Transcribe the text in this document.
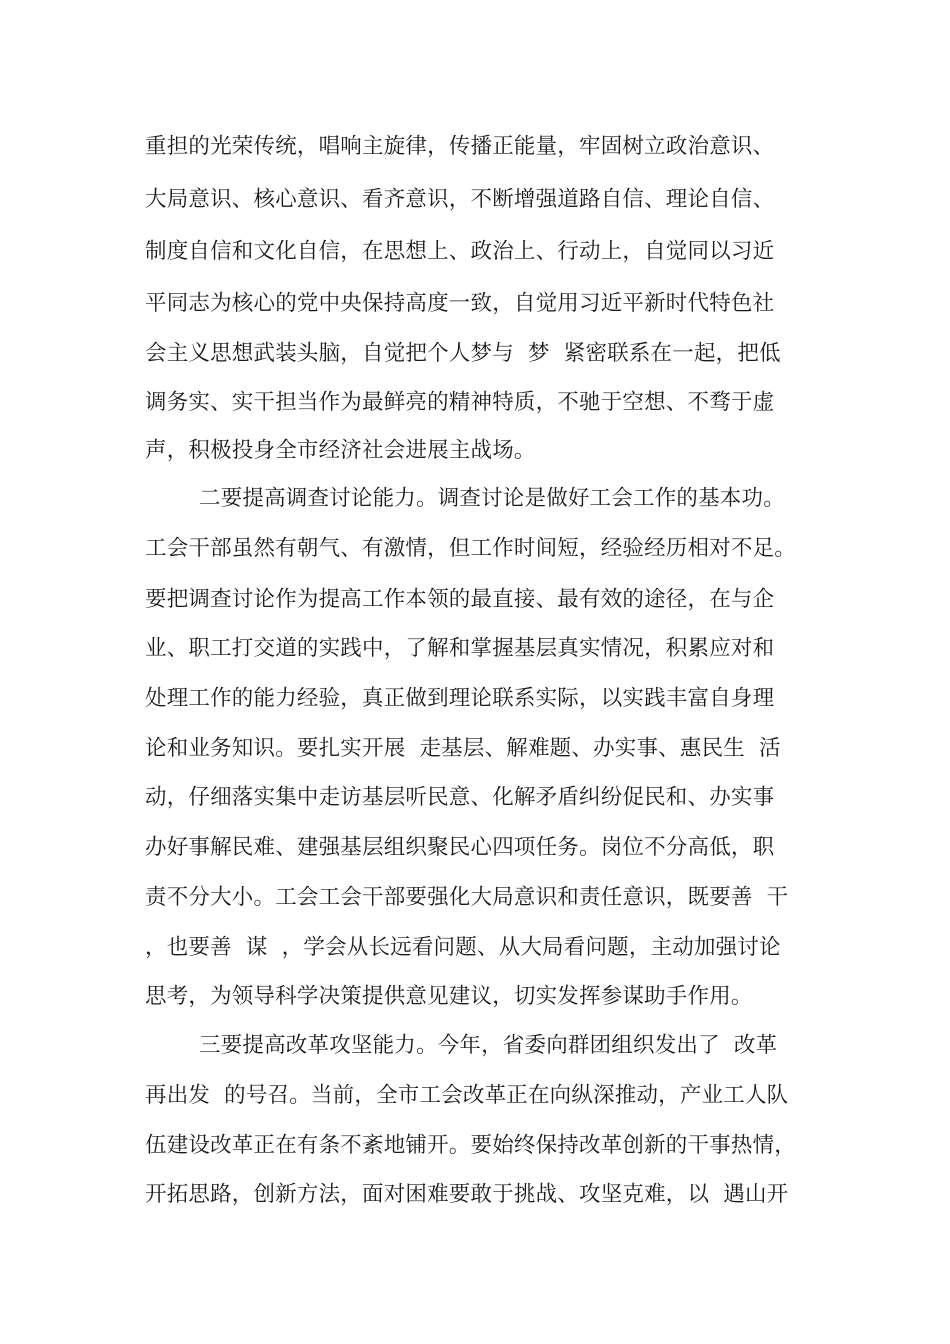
重担的光荣传统，唱响主旋律，传播正能量，牢固树立政治意识、
大局意识、核心意识、看齐意识，不断增强道路自信、理论自信、
制度自信和文化自信，在思想上、政治上、行动上，自觉同以习近
平同志为核心的党中央保持高度一致，自觉用习近平新时代特色社
会主义思想武装头脑，自觉把个人梦与  梦  紧密联系在一起，把低
调务实、实干担当作为最鲜亮的精神特质，不驰于空想、不骛于虚
声，积极投身全市经济社会进展主战场。
二要提高调查讨论能力。调查讨论是做好工会工作的基本功。
工会干部虽然有朝气、有激情，但工作时间短，经验经历相对不足。
要把调查讨论作为提高工作本领的最直接、最有效的途径，在与企
业、职工打交道的实践中，了解和掌握基层真实情况，积累应对和
处理工作的能力经验，真正做到理论联系实际，以实践丰富自身理
论和业务知识。要扎实开展  走基层、解难题、办实事、惠民生  活
动，仔细落实集中走访基层听民意、化解矛盾纠纷促民和、办实事
办好事解民难、建强基层组织聚民心四项任务。岗位不分高低，职
责不分大小。工会工会干部要强化大局意识和责任意识，既要善  干
，也要善  谋  ，学会从长远看问题、从大局看问题，主动加强讨论
思考，为领导科学决策提供意见建议，切实发挥参谋助手作用。
三要提高改革攻坚能力。今年，省委向群团组织发出了  改革
再出发  的号召。当前，全市工会改革正在向纵深推动，产业工人队
伍建设改革正在有条不紊地铺开。要始终保持改革创新的干事热情，
开拓思路，创新方法，面对困难要敢于挑战、攻坚克难，以  遇山开
